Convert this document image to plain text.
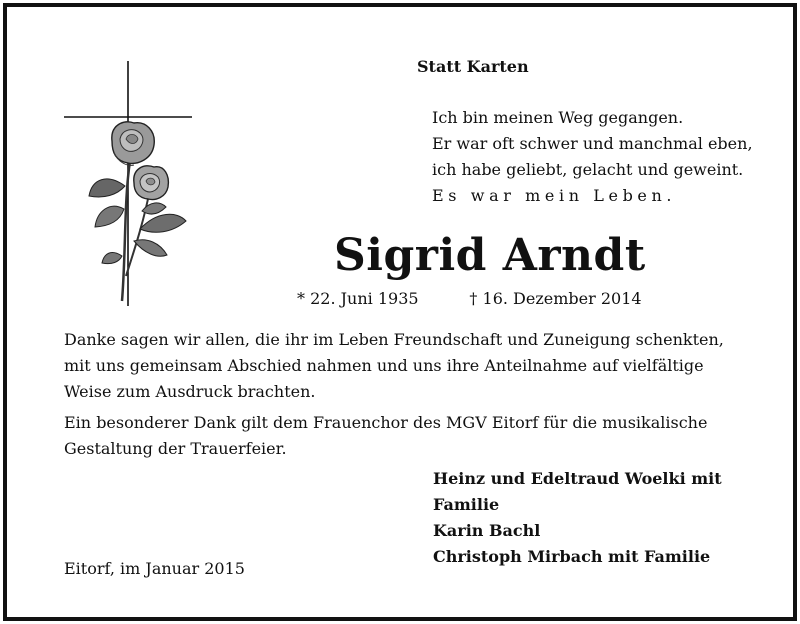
Statt Karten
Ich bin meinen Weg gegangen.
Er war oft schwer und manchmal eben,
ich habe geliebt, gelacht und geweint.
Es war mein Leben.
Sigrid Arndt
* 22. Juni 1935	† 16. Dezember 2014

Danke sagen wir allen, die ihr im Leben Freundschaft und Zuneigung schenkten, mit uns gemeinsam Abschied nahmen und uns ihre Anteilnahme auf vielfältige Weise zum Ausdruck brachten.

Ein besonderer Dank gilt dem Frauenchor des MGV Eitorf für die musikalische Gestaltung der Trauerfeier.

Heinz und Edeltraud Woelki mit Familie
Karin Bachl
Christoph Mirbach mit Familie
Eitorf, im Januar 2015
